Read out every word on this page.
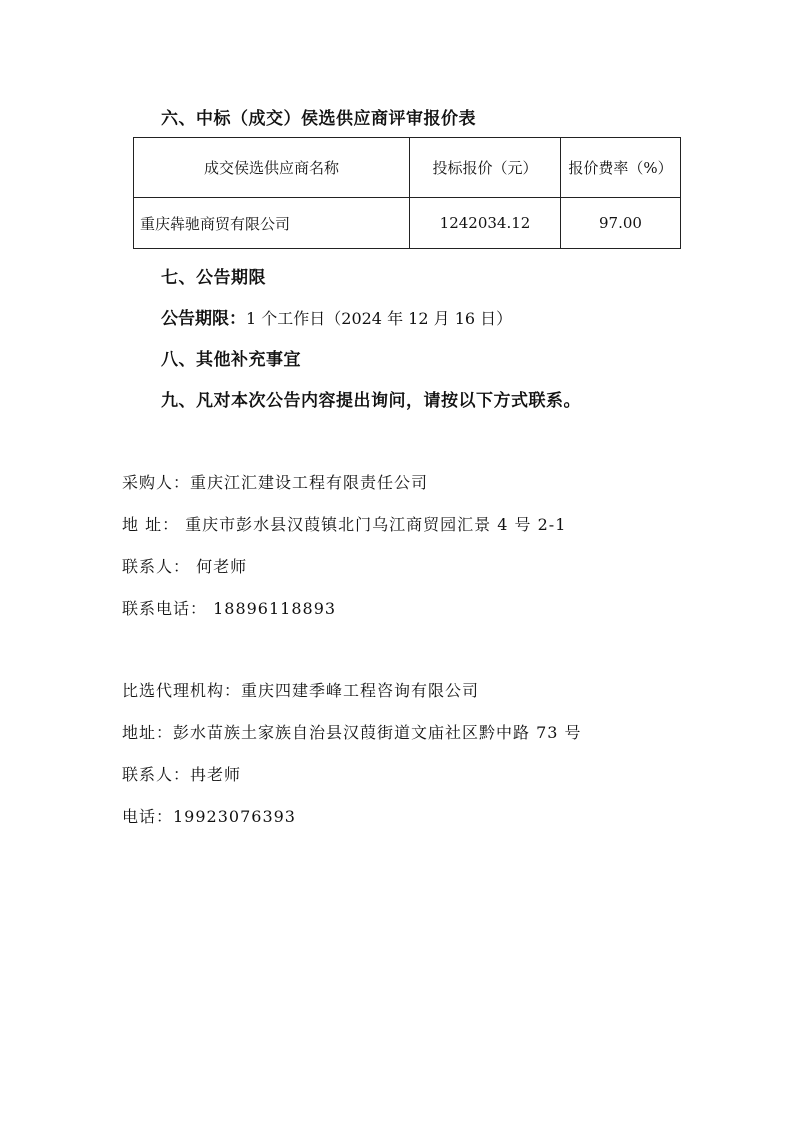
六、中标（成交）侯选供应商评审报价表
成交侯选供应商名称	投标报价（元）	报价费率（%）
重庆犇驰商贸有限公司	1242034.12	97.00
七、公告期限
公告期限：1 个工作日（2024 年 12 月 16 日）
八、其他补充事宜
九、凡对本次公告内容提出询问，请按以下方式联系。
采购人：重庆江汇建设工程有限责任公司
地 址： 重庆市彭水县汉葭镇北门乌江商贸园汇景 4 号 2-1
联系人： 何老师
联系电话： 18896118893
比选代理机构：重庆四建季峰工程咨询有限公司
地址：彭水苗族土家族自治县汉葭街道文庙社区黔中路 73 号
联系人：冉老师
电话：19923076393
